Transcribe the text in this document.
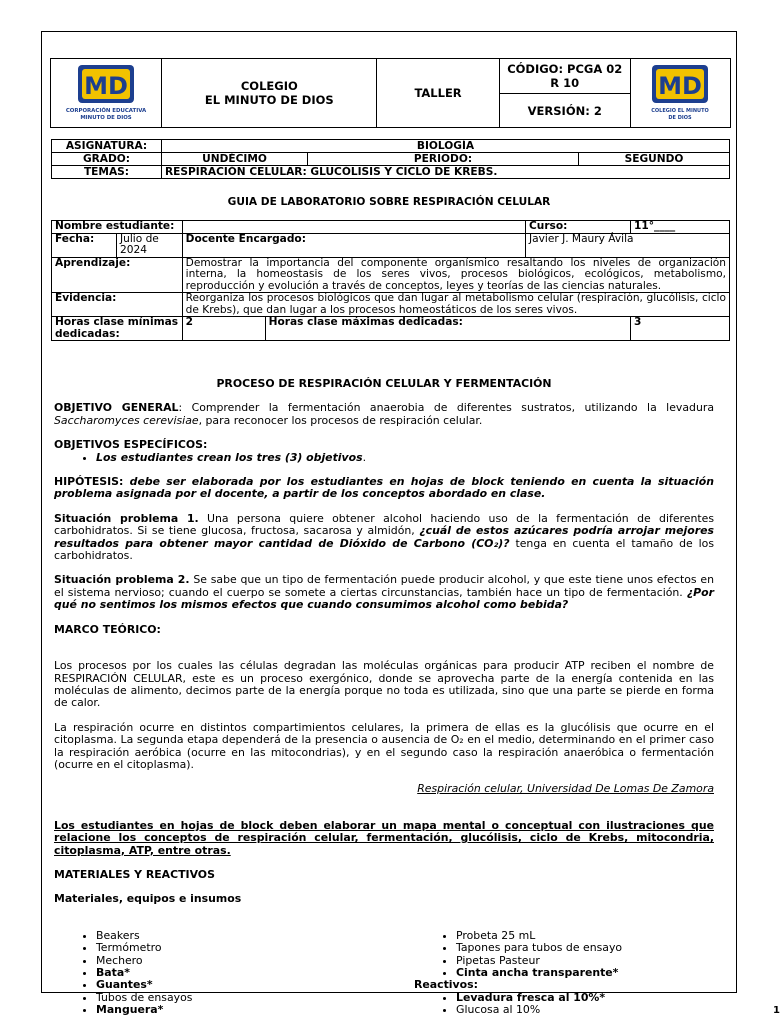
MD
CORPORACIÓN EDUCATIVA
MINUTO DE DIOS

COLEGIO
EL MINUTO DE DIOS	TALLER	CÓDIGO: PCGA 02 R 10	MD
COLEGIO EL MINUTO
DE DIOS

VERSIÓN: 2
ASIGNATURA:	BIOLOGÍA		
GRADO:	UNDÉCIMO	PERIODO:	SEGUNDO
TEMAS:	RESPIRACIÓN CELULAR: GLUCÓLISIS Y CICLO DE KREBS.		
GUIA DE LABORATORIO SOBRE RESPIRACIÓN CELULAR
Nombre estudiante:				Curso:	11°____
Fecha:	Julio de 2024	Docente Encargado:		Javier J. Maury Ávila	
Aprendizaje:		Demostrar la importancia del componente organísmico resaltando los niveles de organización interna, la homeostasis de los seres vivos, procesos biológicos, ecológicos, metabolismo, reproducción y evolución a través de conceptos, leyes y teorías de las ciencias naturales.			
Evidencia:		Reorganiza los procesos biológicos que dan lugar al metabolismo celular (respiración, glucólisis, ciclo de Krebs), que dan lugar a los procesos homeostáticos de los seres vivos.			
Horas clase mínimas dedicadas:		2	Horas clase máximas dedicadas:		3
PROCESO DE RESPIRACIÓN CELULAR Y FERMENTACIÓN

OBJETIVO GENERAL: Comprender la fermentación anaerobia de diferentes sustratos, utilizando la levadura Saccharomyces cerevisiae, para reconocer los procesos de respiración celular.

OBJETIVOS ESPECÍFICOS:

• Los estudiantes crean los tres (3) objetivos.

HIPÓTESIS: debe ser elaborada por los estudiantes en hojas de block teniendo en cuenta la situación problema asignada por el docente, a partir de los conceptos abordado en clase.

Situación problema 1. Una persona quiere obtener alcohol haciendo uso de la fermentación de diferentes carbohidratos. Si se tiene glucosa, fructosa, sacarosa y almidón, ¿cuál de estos azúcares podría arrojar mejores resultados para obtener mayor cantidad de Dióxido de Carbono (CO₂)? tenga en cuenta el tamaño de los carbohidratos.

Situación problema 2. Se sabe que un tipo de fermentación puede producir alcohol, y que este tiene unos efectos en el sistema nervioso; cuando el cuerpo se somete a ciertas circunstancias, también hace un tipo de fermentación. ¿Por qué no sentimos los mismos efectos que cuando consumimos alcohol como bebida?

MARCO TEÓRICO:

Los procesos por los cuales las células degradan las moléculas orgánicas para producir ATP reciben el nombre de RESPIRACIÓN CELULAR, este es un proceso exergónico, donde se aprovecha parte de la energía contenida en las moléculas de alimento, decimos parte de la energía porque no toda es utilizada, sino que una parte se pierde en forma de calor.

La respiración ocurre en distintos compartimientos celulares, la primera de ellas es la glucólisis que ocurre en el citoplasma. La segunda etapa dependerá de la presencia o ausencia de O₂ en el medio, determinando en el primer caso la respiración aeróbica (ocurre en las mitocondrias), y en el segundo caso la respiración anaeróbica o fermentación (ocurre en el citoplasma).

Respiración celular, Universidad De Lomas De Zamora

Los estudiantes en hojas de block deben elaborar un mapa mental o conceptual con ilustraciones que relacione los conceptos de respiración celular, fermentación, glucólisis, ciclo de Krebs, mitocondria, citoplasma, ATP, entre otras.

MATERIALES Y REACTIVOS

Materiales, equipos e insumos

• Beakers
• Termómetro
• Mechero
• Bata*
• Guantes*
• Tubos de ensayos
• Manguera*
• Probeta 25 mL
• Tapones para tubos de ensayo
• Pipetas Pasteur
• Cinta ancha transparente*
Reactivos:
• Levadura fresca al 10%*
• Glucosa al 10%	1
